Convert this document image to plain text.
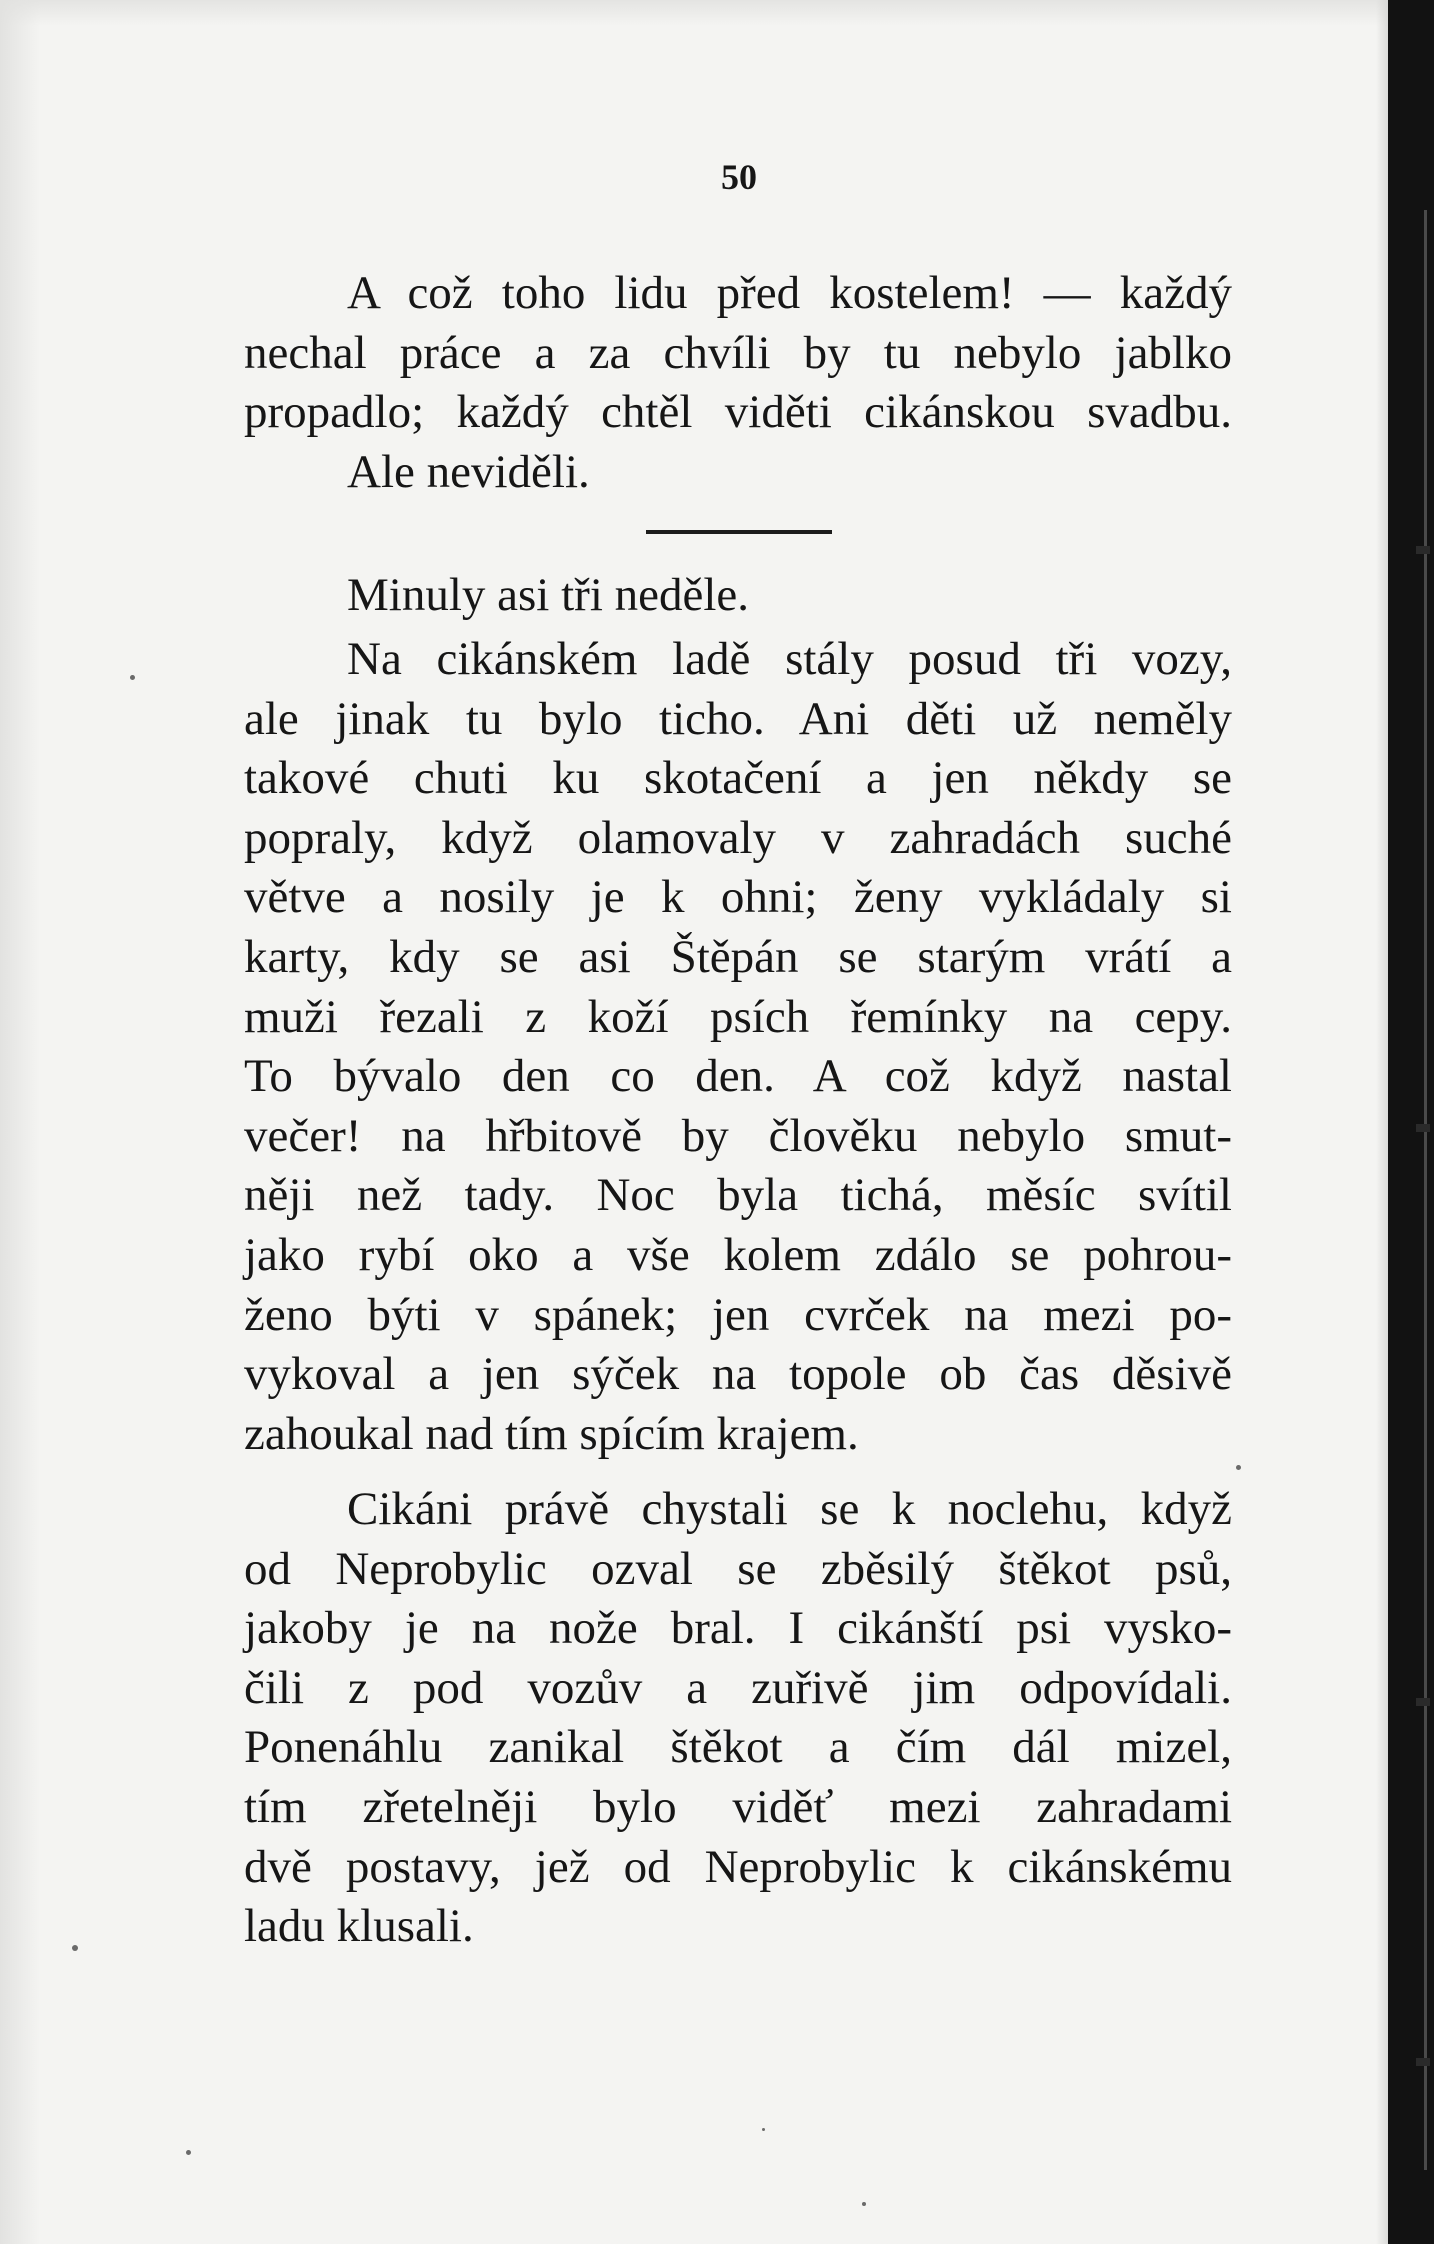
50
A což toho lidu před kostelem! — každý
nechal práce a za chvíli by tu nebylo jablko
propadlo; každý chtěl viděti cikánskou svadbu.
Ale neviděli.
Minuly asi tři neděle.
Na cikánském ladě stály posud tři vozy,
ale jinak tu bylo ticho. Ani děti už neměly
takové chuti ku skotačení a jen někdy se
popraly, když olamovaly v zahradách suché
větve a nosily je k ohni; ženy vykládaly si
karty, kdy se asi Štěpán se starým vrátí a
muži řezali z koží psích řemínky na cepy.
To bývalo den co den. A což když nastal
večer! na hřbitově by člověku nebylo smut-
něji než tady. Noc byla tichá, měsíc svítil
jako rybí oko a vše kolem zdálo se pohrou-
ženo býti v spánek; jen cvrček na mezi po-
vykoval a jen sýček na topole ob čas děsivě
zahoukal nad tím spícím krajem.
Cikáni právě chystali se k noclehu, když
od Neprobylic ozval se zběsilý štěkot psů,
jakoby je na nože bral. I cikánští psi vysko-
čili z pod vozův a zuřivě jim odpovídali.
Ponenáhlu zanikal štěkot a čím dál mizel,
tím zřetelněji bylo viděť mezi zahradami
dvě postavy, jež od Neprobylic k cikánskému
ladu klusali.
